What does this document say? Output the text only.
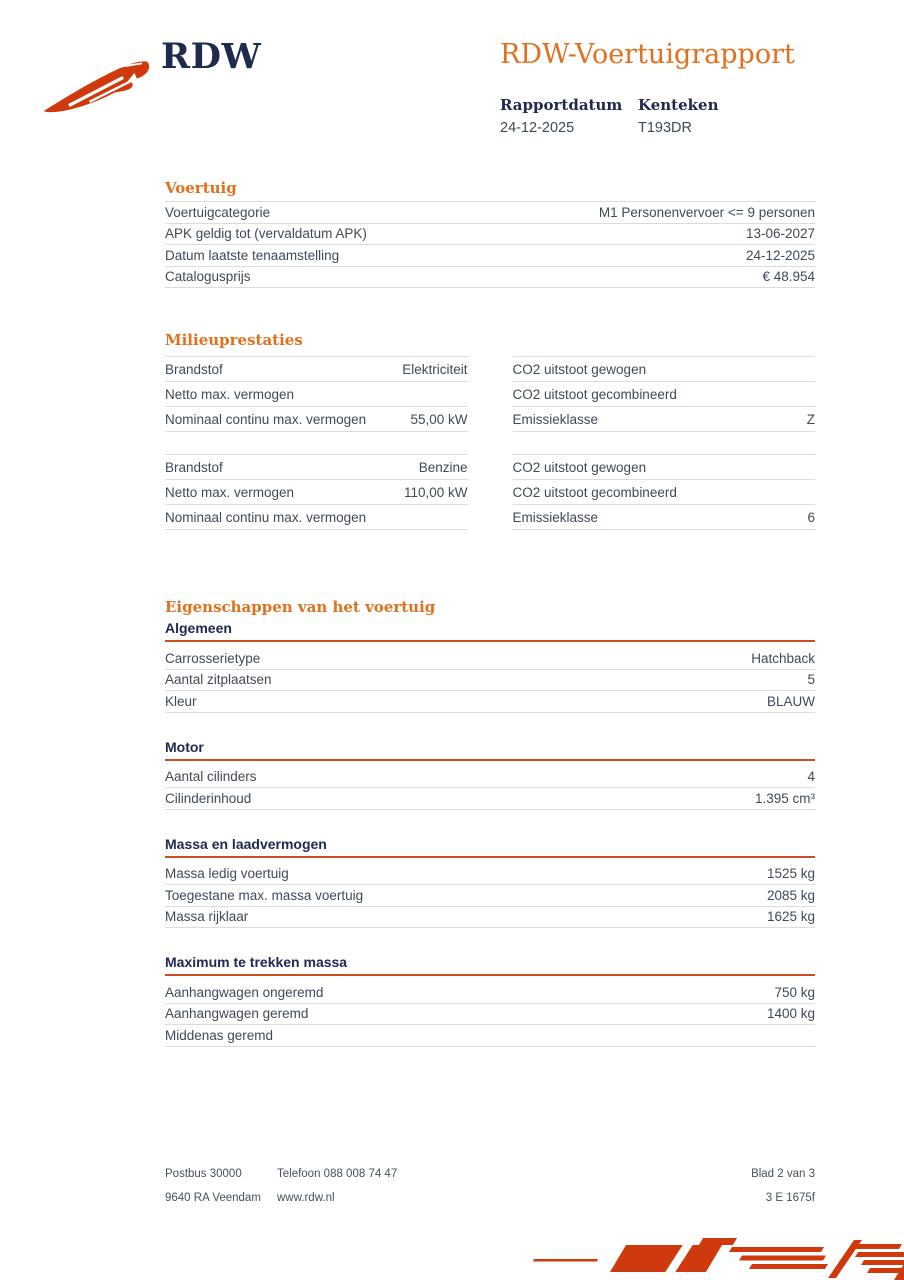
RDW	RDW-Voertuigrapport
Rapportdatum
24-12-2025
Kenteken
T193DR
Voertuig
Voertuigcategorie	M1 Personenvervoer <= 9 personen
APK geldig tot (vervaldatum APK)	13-06-2027
Datum laatste tenaamstelling	24-12-2025
Catalogusprijs	€ 48.954
Milieuprestaties
Brandstof	Elektriciteit
Netto max. vermogen
Nominaal continu max. vermogen	55,00 kW
CO2 uitstoot gewogen
CO2 uitstoot gecombineerd
Emissieklasse	Z
Brandstof	Benzine
Netto max. vermogen	110,00 kW
Nominaal continu max. vermogen
CO2 uitstoot gewogen
CO2 uitstoot gecombineerd
Emissieklasse	6
Eigenschappen van het voertuig
Algemeen
Carrosserietype	Hatchback
Aantal zitplaatsen	5
Kleur	BLAUW
Motor
Aantal cilinders	4
Cilinderinhoud	1.395 cm³
Massa en laadvermogen
Massa ledig voertuig	1525 kg
Toegestane max. massa voertuig	2085 kg
Massa rijklaar	1625 kg
Maximum te trekken massa
Aanhangwagen ongeremd	750 kg
Aanhangwagen geremd	1400 kg
Middenas geremd
Postbus 30000	Telefoon 088 008 74 47	Blad 2 van 3
9640 RA Veendam	www.rdw.nl	3 E 1675f
